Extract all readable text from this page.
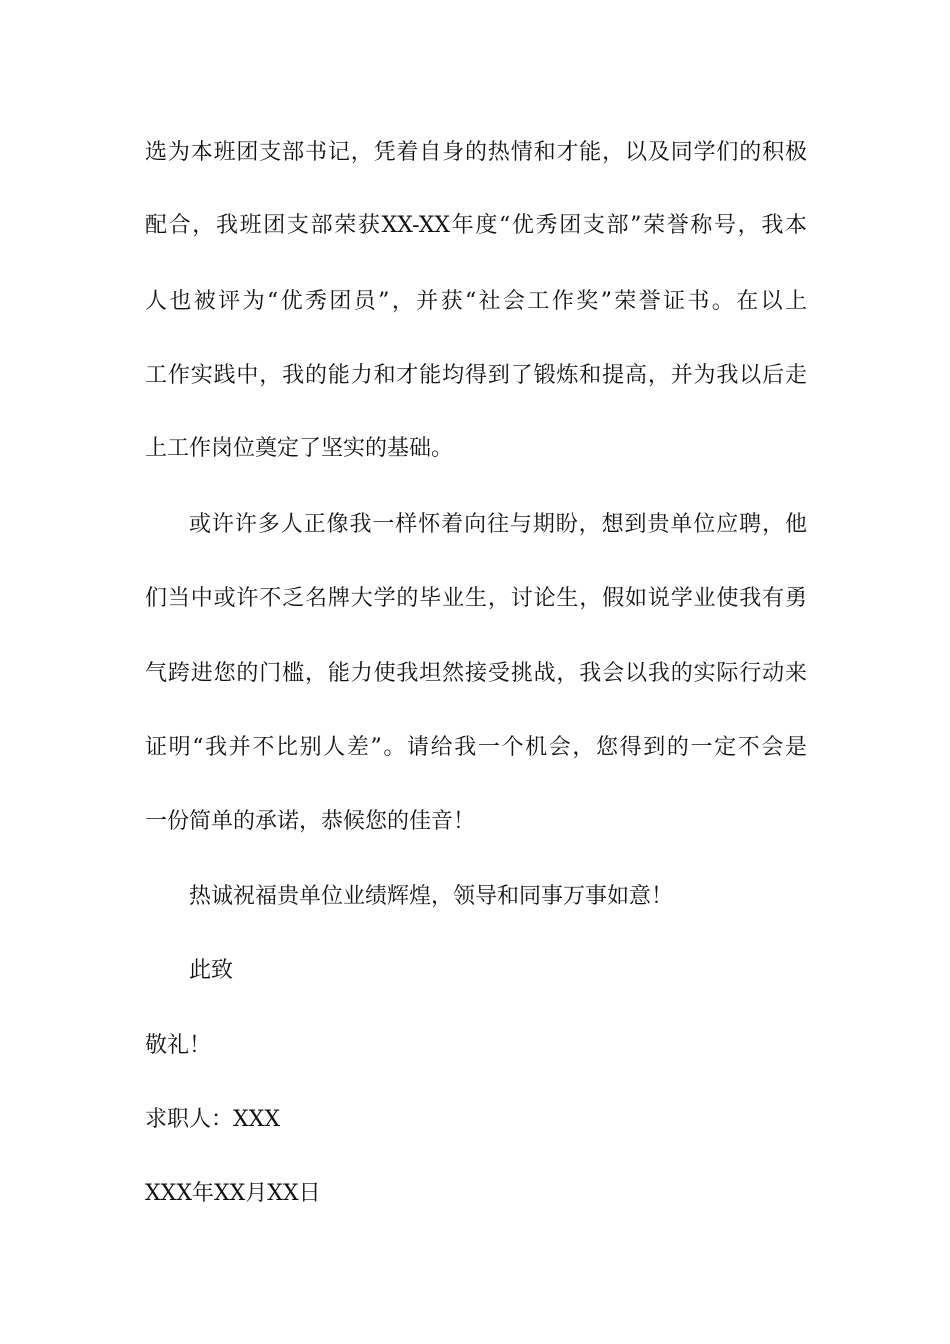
选为本班团支部书记，凭着自身的热情和才能，以及同学们的积极
配合，我班团支部荣获XX-XX年度“优秀团支部”荣誉称号，我本
人也被评为“优秀团员”，并获“社会工作奖”荣誉证书。在以上
工作实践中，我的能力和才能均得到了锻炼和提高，并为我以后走
上工作岗位奠定了坚实的基础。
或许许多人正像我一样怀着向往与期盼，想到贵单位应聘，他
们当中或许不乏名牌大学的毕业生，讨论生，假如说学业使我有勇
气跨进您的门槛，能力使我坦然接受挑战，我会以我的实际行动来
证明“我并不比别人差”。请给我一个机会，您得到的一定不会是
一份简单的承诺，恭候您的佳音！
热诚祝福贵单位业绩辉煌，领导和同事万事如意！
此致
敬礼！
求职人：XXX
XXX年XX月XX日
